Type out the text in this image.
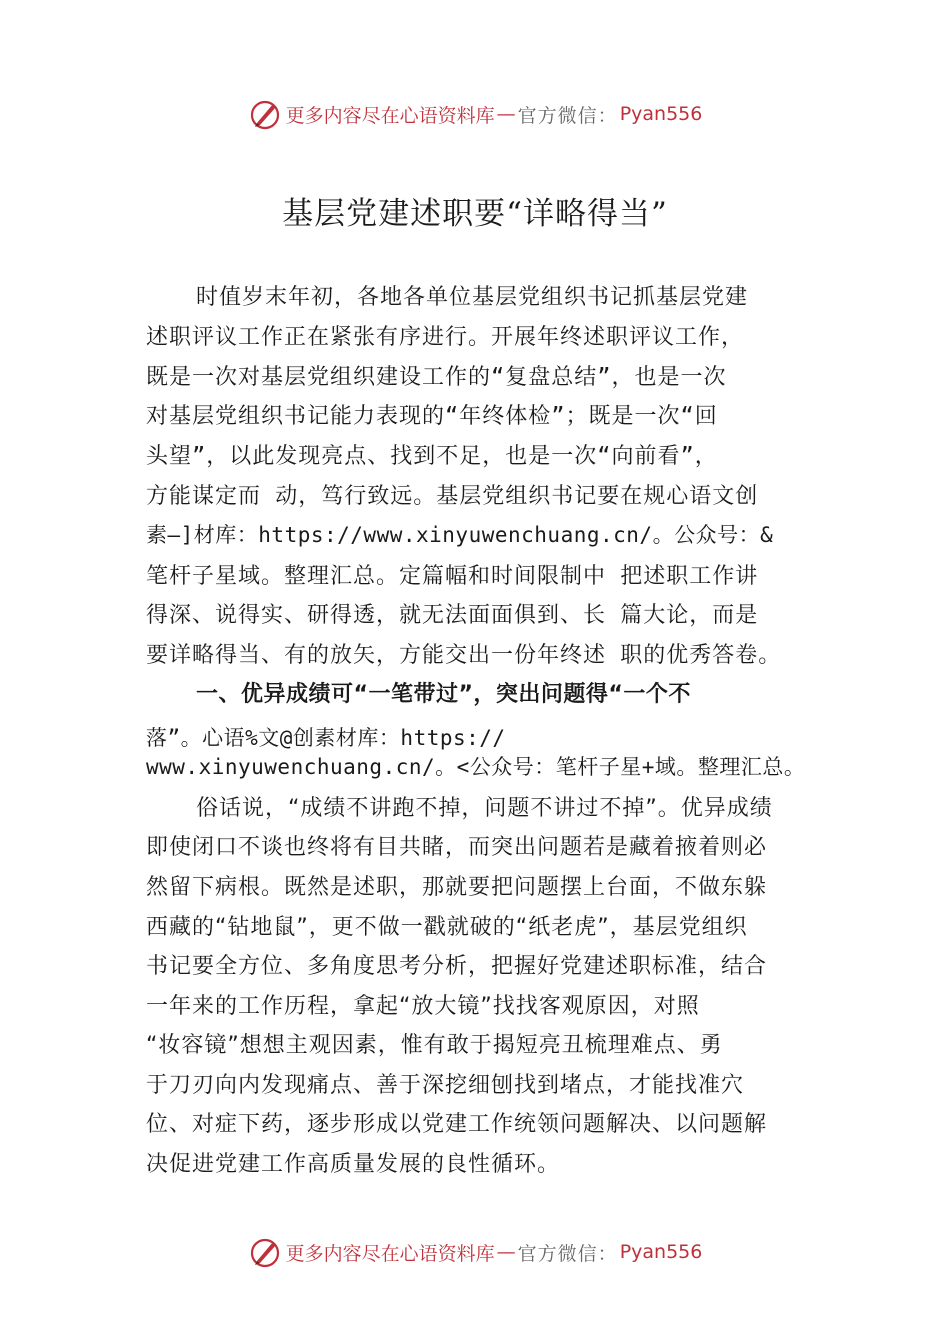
更多内容尽在心语资料库 — 官方微信： Pyan556
基层党建述职要“详略得当”
时值岁末年初，各地各单位基层党组织书记抓基层党建
述职评议工作正在紧张有序进行。开展年终述职评议工作，
既是一次对基层党组织建设工作的“复盘总结”，也是一次
对基层党组织书记能力表现的“年终体检”；既是一次“回
头望”，以此发现亮点、找到不足，也是一次“向前看”，
方能谋定而 动，笃行致远。基层党组织书记要在规心语文创
素—]材库：https://www.xinyuwenchuang.cn/。公众号：&
笔杆子星域。整理汇总。定篇幅和时间限制中 把述职工作讲
得深、说得实、研得透，就无法面面俱到、长 篇大论，而是
要详略得当、有的放矢，方能交出一份年终述 职的优秀答卷。
一、优异成绩可“一笔带过”，突出问题得“一个不
落”。心语%文@创素材库：https://
www.xinyuwenchuang.cn/。<公众号：笔杆子星+域。整理汇总。
俗话说，“成绩不讲跑不掉，问题不讲过不掉”。优异成绩
即使闭口不谈也终将有目共睹，而突出问题若是藏着掖着则必
然留下病根。既然是述职，那就要把问题摆上台面，不做东躲
西藏的“钻地鼠”，更不做一戳就破的“纸老虎”，基层党组织
书记要全方位、多角度思考分析，把握好党建述职标准，结合
一年来的工作历程，拿起“放大镜”找找客观原因，对照
“妆容镜”想想主观因素，惟有敢于揭短亮丑梳理难点、勇
于刀刃向内发现痛点、善于深挖细刨找到堵点，才能找准穴
位、对症下药，逐步形成以党建工作统领问题解决、以问题解
决促进党建工作高质量发展的良性循环。
更多内容尽在心语资料库 — 官方微信： Pyan556
